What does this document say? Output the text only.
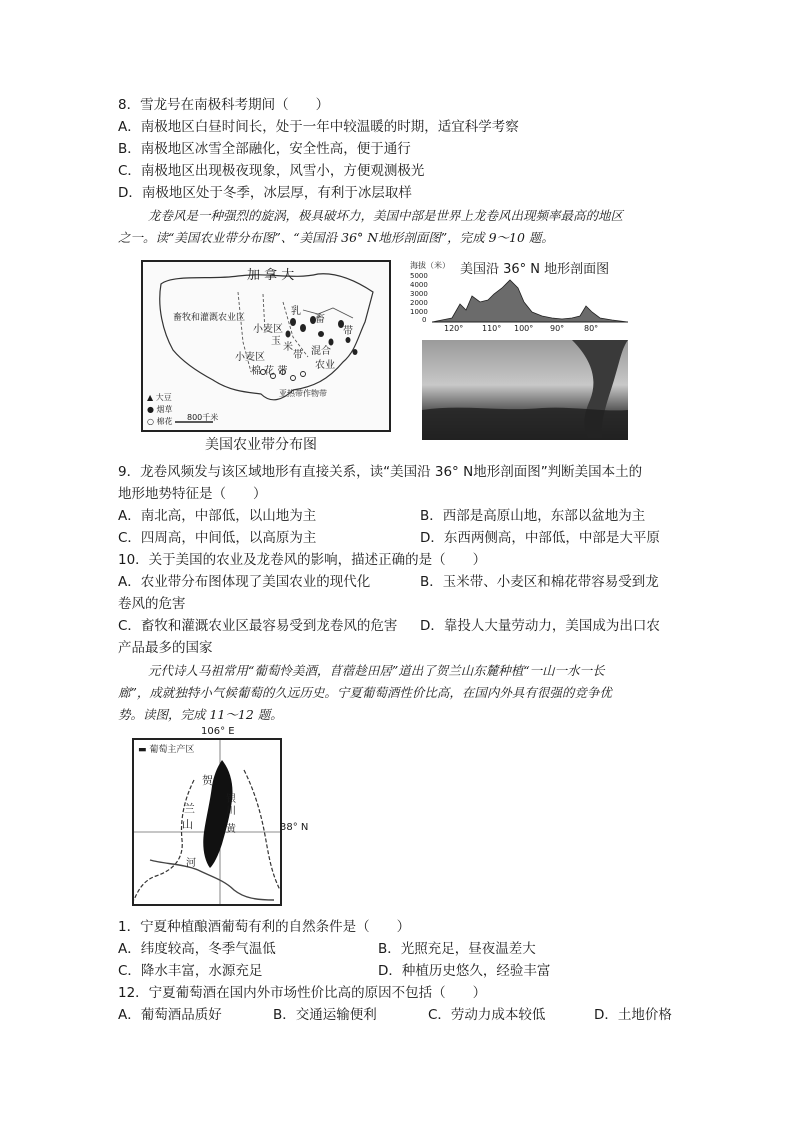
8．雪龙号在南极科考期间（　　）
A．南极地区白昼时间长，处于一年中较温暖的时期，适宜科学考察
B．南极地区冰雪全部融化，安全性高，便于通行
C．南极地区出现极夜现象，风雪小，方便观测极光
D．南极地区处于冬季，冰层厚，有利于冰层取样
龙卷风是一种强烈的旋涡，极具破坏力，美国中部是世界上龙卷风出现频率最高的地区
之一。读“美国农业带分布图”、“美国沿 36° N地形剖面图”，完成 9～10 题。
加 拿 大
畜牧和灌溉农业区
小麦区
小麦区
玉
米
带
乳
畜
带
混合
农业
棉 花 带
亚热带作物带
▲ 大豆
● 烟草
○ 棉花 800千米
美国农业带分布图
海拔（米） 美国沿 36° N 地形剖面图
5000
4000
3000
2000
1000
0
120° 110° 100° 90° 80°
9．龙卷风频发与该区域地形有直接关系，读“美国沿 36° N地形剖面图”判断美国本土的
地形地势特征是（　　）
A．南北高，中部低，以山地为主	B．西部是高原山地，东部以盆地为主
C．四周高，中间低，以高原为主	D．东西两侧高，中部低，中部是大平原
10．关于美国的农业及龙卷风的影响，描述正确的是（　　）
A．农业带分布图体现了美国农业的现代化	B．玉米带、小麦区和棉花带容易受到龙
卷风的危害
C．畜牧和灌溉农业区最容易受到龙卷风的危害 D．靠投人大量劳动力，美国成为出口农
产品最多的国家
元代诗人马祖常用“葡萄怜美酒，苜蓿趁田居”道出了贺兰山东麓种植“一山一水一长
廊”，成就独特小气候葡萄的久远历史。宁夏葡萄酒性价比高，在国内外具有很强的竞争优
势。读图，完成 11～12 题。
106° E
▬ 葡萄主产区
贺
兰
山
银
川
黄
河
38° N
1．宁夏种植酿酒葡萄有利的自然条件是（　　）
A．纬度较高，冬季气温低	B．光照充足，昼夜温差大
C．降水丰富，水源充足	D．种植历史悠久，经验丰富
12．宁夏葡萄酒在国内外市场性价比高的原因不包括（　　）
A．葡萄酒品质好	B．交通运输便利	C．劳动力成本较低	D．土地价格
